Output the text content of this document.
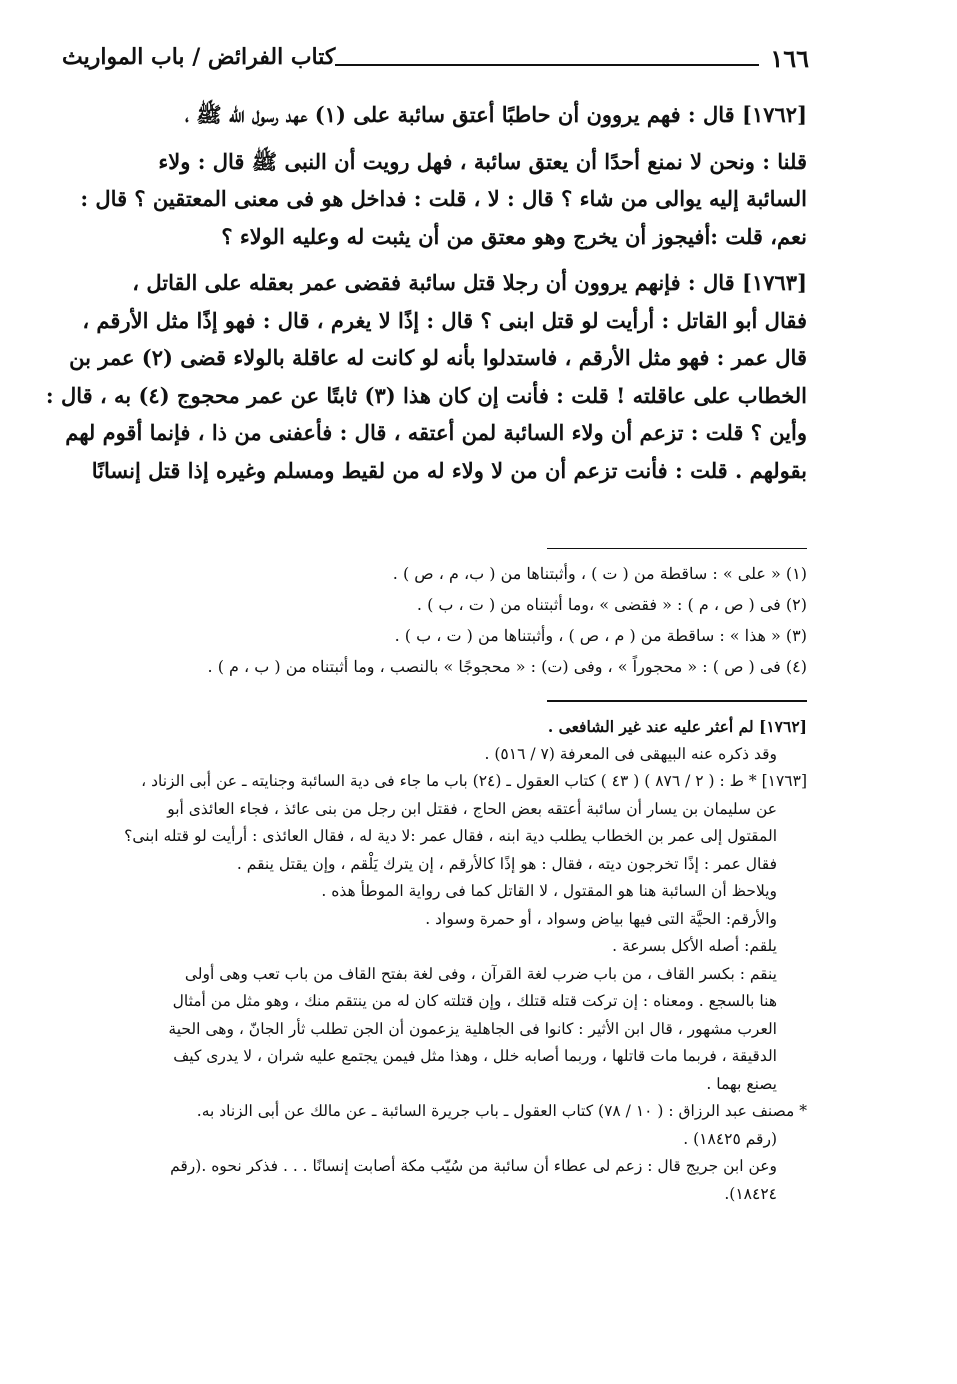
١٦٦
كتاب الفرائض / باب المواريث
[١٧٦٢] قال : فهم يروون أن حاطبًا أعتق سائبة على (١) عهد رسول الله ﷺ ،
قلنا : ونحن لا نمنع أحدًا أن يعتق سائبة ، فهل رويت أن النبى ﷺ قال : ولاء
السائبة إليه يوالى من شاء ؟ قال : لا ، قلت : فداخل هو فى معنى المعتقين ؟ قال :
نعم، قلت :أفيجوز أن يخرج وهو معتق من أن يثبت له وعليه الولاء ؟
[١٧٦٣] قال : فإنهم يروون أن رجلا قتل سائبة فقضى عمر بعقله على القاتل ،
فقال أبو القاتل : أرأيت لو قتل ابنى ؟ قال : إذًا لا يغرم ، قال : فهو إذًا مثل الأرقم ،
قال عمر : فهو مثل الأرقم ، فاستدلوا بأنه لو كانت له عاقلة بالولاء قضى (٢) عمر بن
الخطاب على عاقلته ! قلت : فأنت إن كان هذا (٣) ثابتًا عن عمر محجوج (٤) به ، قال :
وأين ؟ قلت : تزعم أن ولاء السائبة لمن أعتقه ، قال : فأعفنى من ذا ، فإنما أقوم لهم
بقولهم . قلت : فأنت تزعم أن من لا ولاء له من لقيط ومسلم وغيره إذا قتل إنسانًا
(١) « على » : ساقطة من ( ت ) ، وأثبتناها من ( ب، م ، ص ) .
(٢) فى ( ص ، م ) : « فقضى » ،وما أثبتناه من ( ت ، ب ) .
(٣) « هذا » : ساقطة من ( م ، ص ) ، وأثبتناها من ( ت ، ب ) .
(٤) فى ( ص ) : « محجوراً » ، وفى (ت) : « محجوجًا » بالنصب ، وما أثبتناه من ( ب ، م ) .
[١٧٦٢] لم أعثر عليه عند غير الشافعى .
وقد ذكره عنه البيهقى فى المعرفة (٧ / ٥١٦) .
[١٧٦٣] * ط : ( ٢ / ٨٧٦ ) ( ٤٣ ) كتاب العقول ـ (٢٤) باب ما جاء فى دية السائبة وجنايته ـ عن أبى الزناد ،
عن سليمان بن يسار أن سائبة أعتقه بعض الحاج ، فقتل ابن رجل من بنى عائذ ، فجاء العائذى أبو
المقتول إلى عمر بن الخطاب يطلب دية ابنه ، فقال عمر :لا دية له ، فقال العائذى : أرأيت لو قتله ابنى؟
فقال عمر : إذًا تخرجون ديته ، فقال : هو إذًا كالأرقم ، إن يترك يَلْقم ، وإن يقتل ينقم .
ويلاحظ أن السائبة هنا هو المقتول ، لا القاتل كما فى رواية الموطأ هذه .
والأرقم: الحيَّة التى فيها بياض وسواد ، أو حمرة وسواد .
يلقم: أصله الأكل بسرعة .
ينقم : بكسر القاف ، من باب ضرب لغة القرآن ، وفى لغة بفتح القاف من باب تعب وهى أولى
هنا بالسجع . ومعناه : إن تركت قتله قتلك ، وإن قتلته كان له من ينتقم منك ، وهو مثل من أمثال
العرب مشهور ، قال ابن الأثير : كانوا فى الجاهلية يزعمون أن الجن تطلب ثأر الجانّ ، وهى الحية
الدقيقة ، فربما مات قاتلها ، وربما أصابه خلل ، وهذا مثل فيمن يجتمع عليه شران ، لا يدرى كيف
يصنع بهما .
* مصنف عبد الرزاق : ( ١٠ / ٧٨) كتاب العقول ـ باب جريرة السائبة ـ عن مالك عن أبى الزناد به.
(رقم ١٨٤٢٥) .
وعن ابن جريج قال : زعم لى عطاء أن سائبة من سُيّب مكة أصابت إنسانًا . . . فذكر نحوه .(رقم
١٨٤٢٤).
